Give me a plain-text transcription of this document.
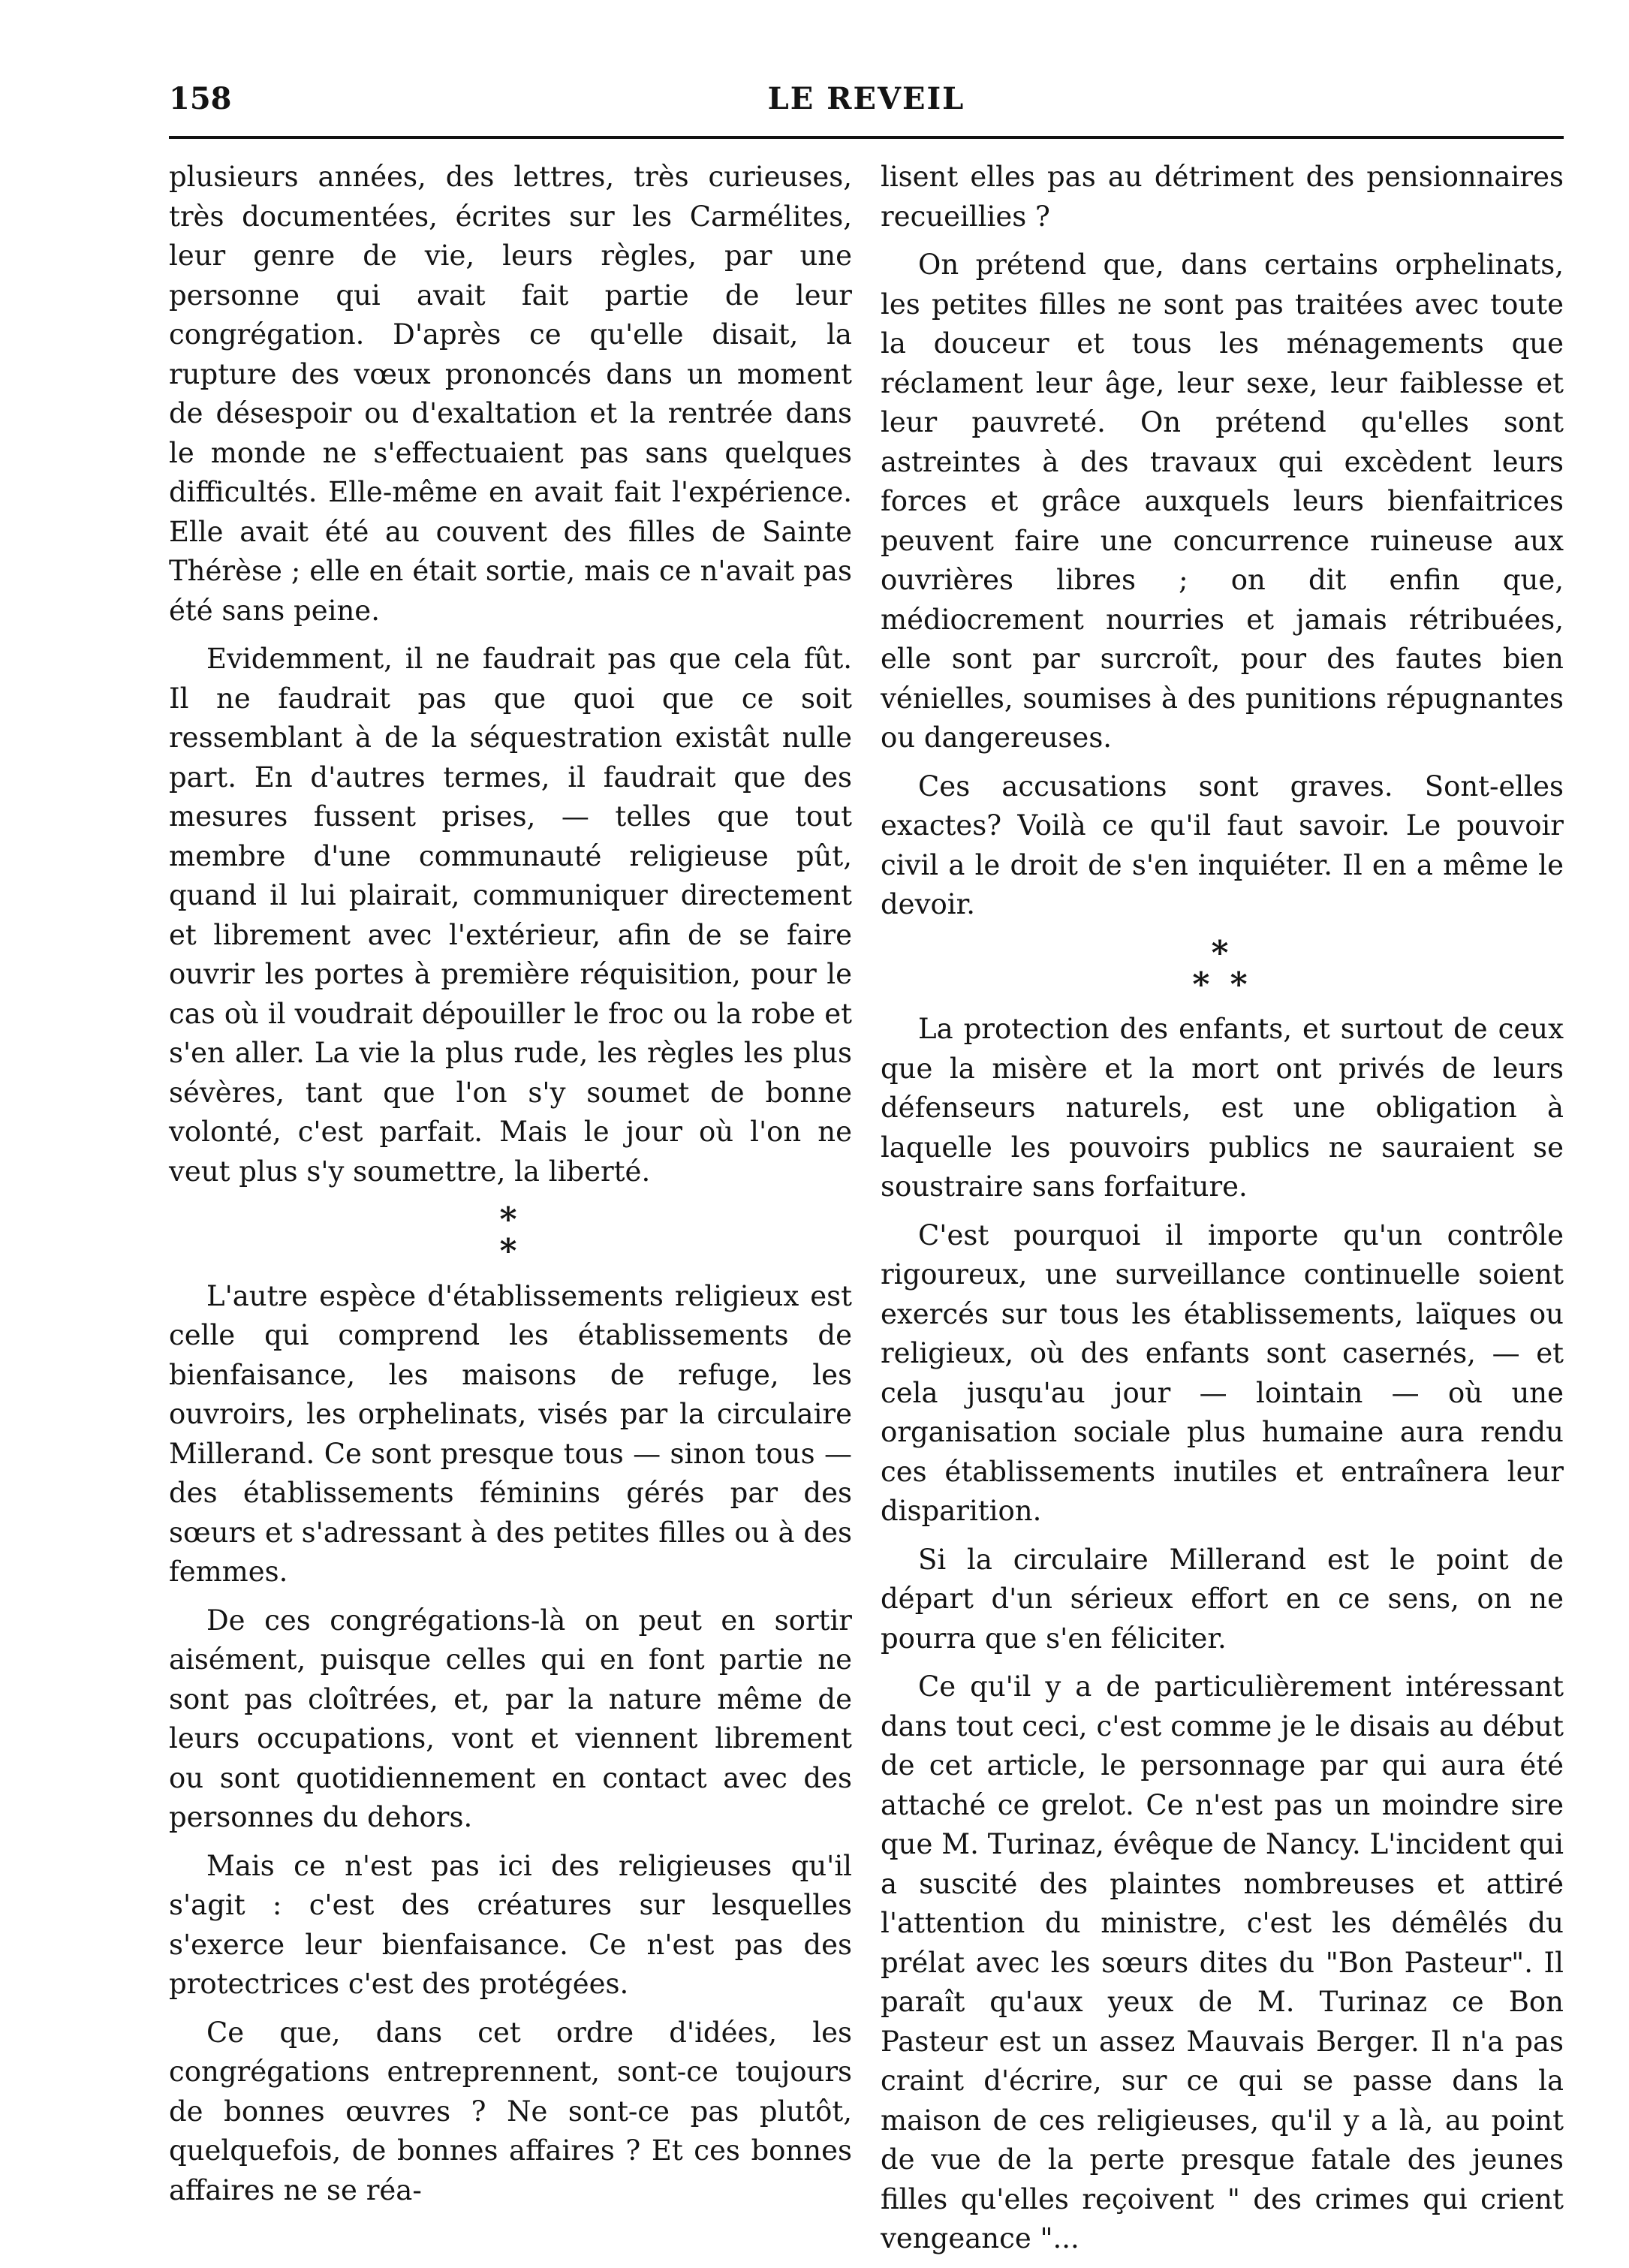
158	LE REVEIL

plusieurs années, des lettres, très curieuses, très documentées, écrites sur les Carmélites, leur genre de vie, leurs règles, par une personne qui avait fait partie de leur congrégation. D'après ce qu'elle disait, la rupture des vœux prononcés dans un moment de désespoir ou d'exaltation et la rentrée dans le monde ne s'effectuaient pas sans quelques difficultés. Elle-même en avait fait l'expérience. Elle avait été au couvent des filles de Sainte Thérèse ; elle en était sortie, mais ce n'avait pas été sans peine.

Evidemment, il ne faudrait pas que cela fût. Il ne faudrait pas que quoi que ce soit ressemblant à de la séquestration existât nulle part. En d'autres termes, il faudrait que des mesures fussent prises, — telles que tout membre d'une communauté religieuse pût, quand il lui plairait, communiquer directement et librement avec l'extérieur, afin de se faire ouvrir les portes à première réquisition, pour le cas où il voudrait dépouiller le froc ou la robe et s'en aller. La vie la plus rude, les règles les plus sévères, tant que l'on s'y soumet de bonne volonté, c'est parfait. Mais le jour où l'on ne veut plus s'y soumettre, la liberté.

*
*

L'autre espèce d'établissements religieux est celle qui comprend les établissements de bienfaisance, les maisons de refuge, les ouvroirs, les orphelinats, visés par la circulaire Millerand. Ce sont presque tous — sinon tous — des établissements féminins gérés par des sœurs et s'adressant à des petites filles ou à des femmes.

De ces congrégations-là on peut en sortir aisément, puisque celles qui en font partie ne sont pas cloîtrées, et, par la nature même de leurs occupations, vont et viennent librement ou sont quotidiennement en contact avec des personnes du dehors.

Mais ce n'est pas ici des religieuses qu'il s'agit : c'est des créatures sur lesquelles s'exerce leur bienfaisance. Ce n'est pas des protectrices c'est des protégées.

Ce que, dans cet ordre d'idées, les congrégations entreprennent, sont-ce toujours de bonnes œuvres ? Ne sont-ce pas plutôt, quelquefois, de bonnes affaires ? Et ces bonnes affaires ne se réa-

lisent elles pas au détriment des pensionnaires recueillies ?

On prétend que, dans certains orphelinats, les petites filles ne sont pas traitées avec toute la douceur et tous les ménagements que réclament leur âge, leur sexe, leur faiblesse et leur pauvreté. On prétend qu'elles sont astreintes à des travaux qui excèdent leurs forces et grâce auxquels leurs bienfaitrices peuvent faire une concurrence ruineuse aux ouvrières libres ; on dit enfin que, médiocrement nourries et jamais rétribuées, elle sont par surcroît, pour des fautes bien vénielles, soumises à des punitions répugnantes ou dangereuses.

Ces accusations sont graves. Sont-elles exactes? Voilà ce qu'il faut savoir. Le pouvoir civil a le droit de s'en inquiéter. Il en a même le devoir.

*
* *

La protection des enfants, et surtout de ceux que la misère et la mort ont privés de leurs défenseurs naturels, est une obligation à laquelle les pouvoirs publics ne sauraient se soustraire sans forfaiture.

C'est pourquoi il importe qu'un contrôle rigoureux, une surveillance continuelle soient exercés sur tous les établissements, laïques ou religieux, où des enfants sont casernés, — et cela jusqu'au jour — lointain — où une organisation sociale plus humaine aura rendu ces établissements inutiles et entraînera leur disparition.

Si la circulaire Millerand est le point de départ d'un sérieux effort en ce sens, on ne pourra que s'en féliciter.

Ce qu'il y a de particulièrement intéressant dans tout ceci, c'est comme je le disais au début de cet article, le personnage par qui aura été attaché ce grelot. Ce n'est pas un moindre sire que M. Turinaz, évêque de Nancy. L'incident qui a suscité des plaintes nombreuses et attiré l'attention du ministre, c'est les démêlés du prélat avec les sœurs dites du "Bon Pasteur". Il paraît qu'aux yeux de M. Turinaz ce Bon Pasteur est un assez Mauvais Berger. Il n'a pas craint d'écrire, sur ce qui se passe dans la maison de ces religieuses, qu'il y a là, au point de vue de la perte presque fatale des jeunes filles qu'elles reçoivent " des crimes qui crient vengeance "...
